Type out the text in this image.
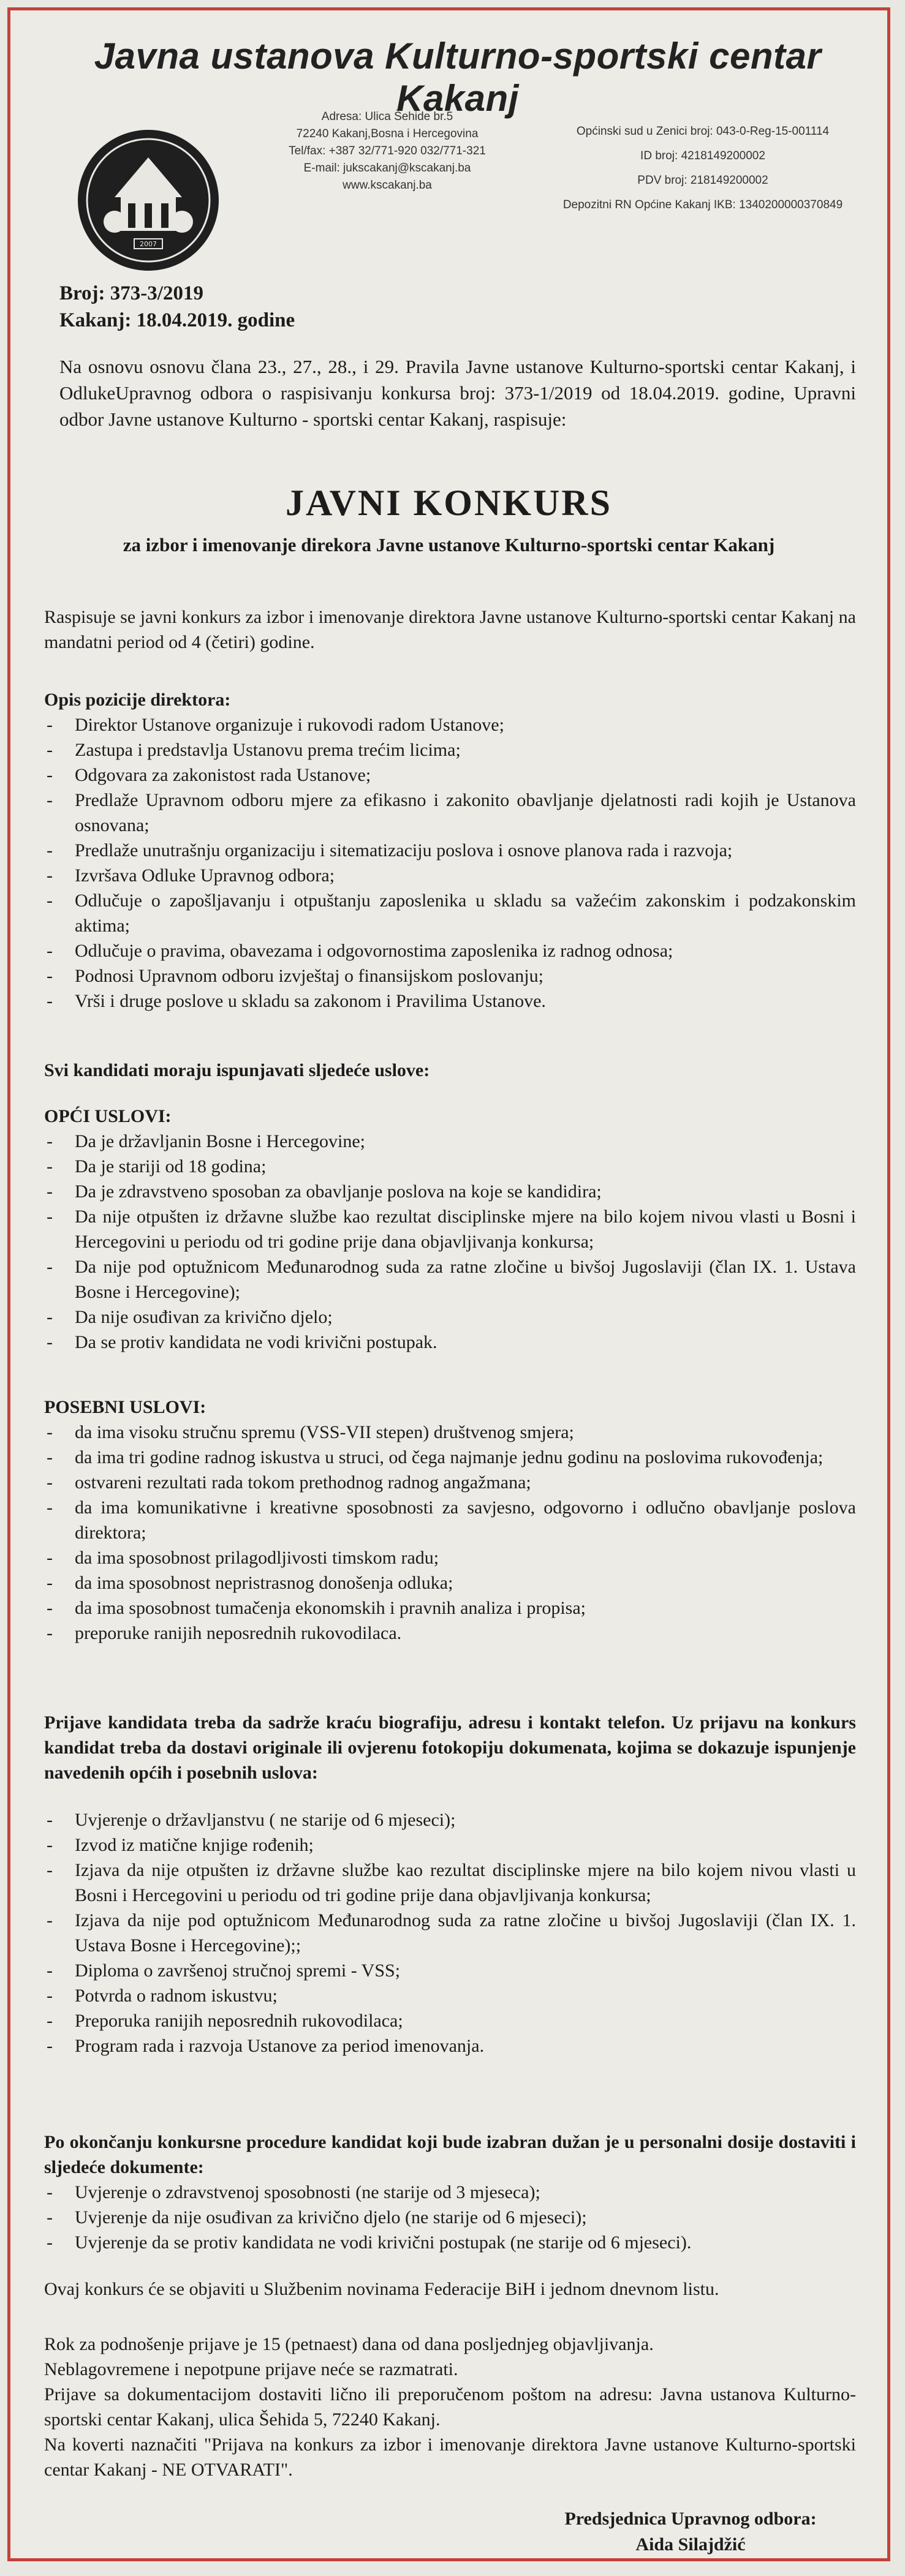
Javna ustanova Kulturno-sportski centar Kakanj
2007
Adresa: Ulica Šehide br.5
72240 Kakanj,Bosna i Hercegovina
Tel/fax: +387 32/771-920 032/771-321
E-mail: jukscakanj@kscakanj.ba
www.kscakanj.ba
Općinski sud u Zenici broj: 043-0-Reg-15-001114
ID broj: 4218149200002
PDV broj: 218149200002
Depozitni RN Općine Kakanj IKB: 1340200000370849
Broj: 373-3/2019
Kakanj: 18.04.2019. godine
Na osnovu osnovu člana 23., 27., 28., i 29. Pravila Javne ustanove Kulturno-sportski centar Kakanj, i OdlukeUpravnog odbora o raspisivanju konkursa broj: 373-1/2019 od 18.04.2019. godine, Upravni odbor Javne ustanove Kulturno - sportski centar Kakanj, raspisuje:
JAVNI KONKURS
za izbor i imenovanje direkora Javne ustanove Kulturno-sportski centar Kakanj

Raspisuje se javni konkurs za izbor i imenovanje direktora Javne ustanove Kulturno-sportski centar Kakanj na mandatni period od 4 (četiri) godine.

Opis pozicije direktora:

- Direktor Ustanove organizuje i rukovodi radom Ustanove;
- Zastupa i predstavlja Ustanovu prema trećim licima;
- Odgovara za zakonistost rada Ustanove;
- Predlaže Upravnom odboru mjere za efikasno i zakonito obavljanje djelatnosti radi kojih je Ustanova osnovana;
- Predlaže unutrašnju organizaciju i sitematizaciju poslova i osnove planova rada i razvoja;
- Izvršava Odluke Upravnog odbora;
- Odlučuje o zapošljavanju i otpuštanju zaposlenika u skladu sa važećim zakonskim i podzakonskim aktima;
- Odlučuje o pravima, obavezama i odgovornostima zaposlenika iz radnog odnosa;
- Podnosi Upravnom odboru izvještaj o finansijskom poslovanju;
- Vrši i druge poslove u skladu sa zakonom i Pravilima Ustanove.

Svi kandidati moraju ispunjavati sljedeće uslove:

OPĆI USLOVI:

- Da je državljanin Bosne i Hercegovine;
- Da je stariji od 18 godina;
- Da je zdravstveno sposoban za obavljanje poslova na koje se kandidira;
- Da nije otpušten iz državne službe kao rezultat disciplinske mjere na bilo kojem nivou vlasti u Bosni i Hercegovini u periodu od tri godine prije dana objavljivanja konkursa;
- Da nije pod optužnicom Međunarodnog suda za ratne zločine u bivšoj Jugoslaviji (član IX. 1. Ustava Bosne i Hercegovine);
- Da nije osuđivan za krivično djelo;
- Da se protiv kandidata ne vodi krivični postupak.

POSEBNI USLOVI:

- da ima visoku stručnu spremu (VSS-VII stepen) društvenog smjera;
- da ima tri godine radnog iskustva u struci, od čega najmanje jednu godinu na poslovima rukovođenja;
- ostvareni rezultati rada tokom prethodnog radnog angažmana;
- da ima komunikativne i kreativne sposobnosti za savjesno, odgovorno i odlučno obavljanje poslova direktora;
- da ima sposobnost prilagodljivosti timskom radu;
- da ima sposobnost nepristrasnog donošenja odluka;
- da ima sposobnost tumačenja ekonomskih i pravnih analiza i propisa;
- preporuke ranijih neposrednih rukovodilaca.

Prijave kandidata treba da sadrže kraću biografiju, adresu i kontakt telefon. Uz prijavu na konkurs kandidat treba da dostavi originale ili ovjerenu fotokopiju dokumenata, kojima se dokazuje ispunjenje navedenih općih i posebnih uslova:

- Uvjerenje o državljanstvu ( ne starije od 6 mjeseci);
- Izvod iz matične knjige rođenih;
- Izjava da nije otpušten iz državne službe kao rezultat disciplinske mjere na bilo kojem nivou vlasti u Bosni i Hercegovini u periodu od tri godine prije dana objavljivanja konkursa;
- Izjava da nije pod optužnicom Međunarodnog suda za ratne zločine u bivšoj Jugoslaviji (član IX. 1. Ustava Bosne i Hercegovine);;
- Diploma o završenoj stručnoj spremi - VSS;
- Potvrda o radnom iskustvu;
- Preporuka ranijih neposrednih rukovodilaca;
- Program rada i razvoja Ustanove za period imenovanja.

Po okončanju konkursne procedure kandidat koji bude izabran dužan je u personalni dosije dostaviti i sljedeće dokumente:

- Uvjerenje o zdravstvenoj sposobnosti (ne starije od 3 mjeseca);
- Uvjerenje da nije osuđivan za krivično djelo (ne starije od 6 mjeseci);
- Uvjerenje da se protiv kandidata ne vodi krivični postupak (ne starije od 6 mjeseci).

Ovaj konkurs će se objaviti u Službenim novinama Federacije BiH i jednom dnevnom listu.

Rok za podnošenje prijave je 15 (petnaest) dana od dana posljednjeg objavljivanja.

Neblagovremene i nepotpune prijave neće se razmatrati.

Prijave sa dokumentacijom dostaviti lično ili preporučenom poštom na adresu: Javna ustanova Kulturno-sportski centar Kakanj, ulica Šehida 5, 72240 Kakanj.

Na koverti naznačiti "Prijava na konkurs za izbor i imenovanje direktora Javne ustanove Kulturno-sportski centar Kakanj - NE OTVARATI".

Predsjednica Upravnog odbora:
Aida Silajdžić
